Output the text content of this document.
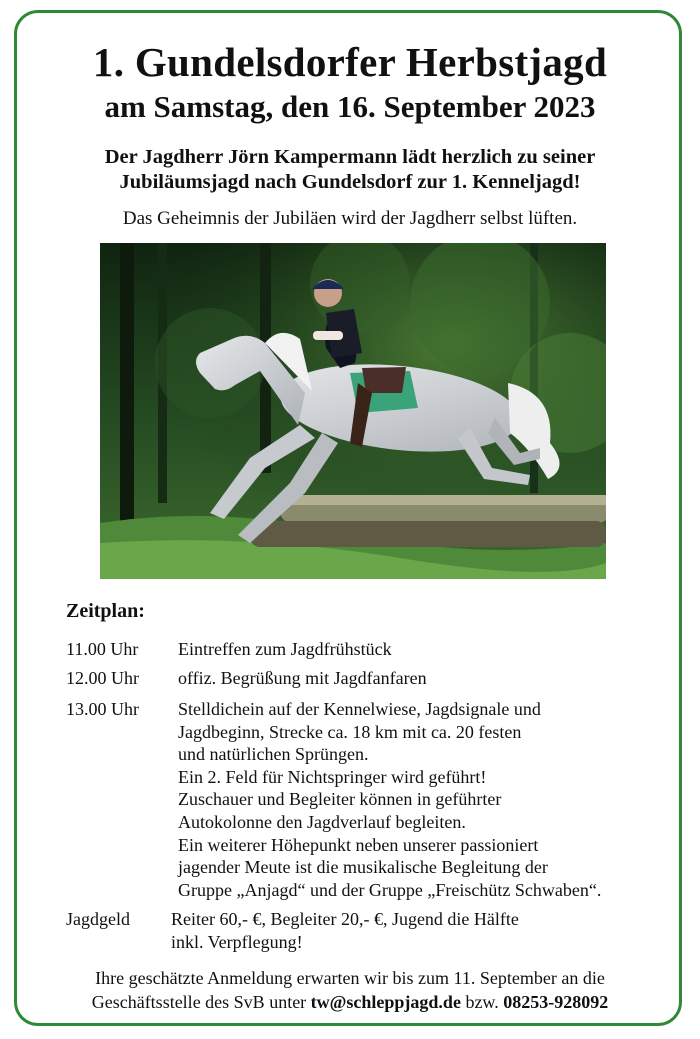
1. Gundelsdorfer Herbstjagd
am Samstag, den 16. September 2023
Der Jagdherr Jörn Kampermann lädt herzlich zu seiner
Jubiläumsjagd nach Gundelsdorf zur 1. Kenneljagd!
Das Geheimnis der Jubiläen wird der Jagdherr selbst lüften.
Zeitplan:
11.00 Uhr Eintreffen zum Jagdfrühstück
12.00 Uhr offiz. Begrüßung mit Jagdfanfaren
13.00 Uhr Stelldichein auf der Kennelwiese, Jagdsignale und
Jagdbeginn, Strecke ca. 18 km mit ca. 20 festen
und natürlichen Sprüngen.
Ein 2. Feld für Nichtspringer wird geführt!
Zuschauer und Begleiter können in geführter
Autokolonne den Jagdverlauf begleiten.
Ein weiterer Höhepunkt neben unserer passioniert
jagender Meute ist die musikalische Begleitung der
Gruppe „Anjagd“ und der Gruppe „Freischütz Schwaben“.
Jagdgeld Reiter 60,- €, Begleiter 20,- €, Jugend die Hälfte
inkl. Verpflegung!
Ihre geschätzte Anmeldung erwarten wir bis zum 11. September an die
Geschäftsstelle des SvB unter tw@schleppjagd.de bzw. 08253-928092
